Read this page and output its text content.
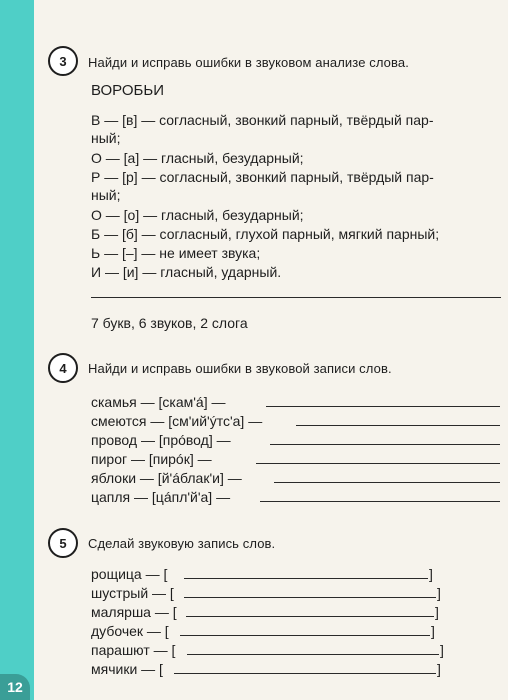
12
3	Найди и исправь ошибки в звуковом анализе слова.
ВОРОБЬИ
В — [в] — согласный, звонкий парный, твёрдый пар-
ный;
О — [а] — гласный, безударный;
Р — [р] — согласный, звонкий парный, твёрдый пар-
ный;
О — [о] — гласный, безударный;
Б — [б] — согласный, глухой парный, мягкий парный;
Ь — [–] — не имеет звука;
И — [и] — гласный, ударный.
7 букв, 6 звуков, 2 слога
4	Найди и исправь ошибки в звуковой записи слов.
скамья — [скам'á] —
смеются — [см'ий'ýтс'а] —
провод — [прóвод] —
пирог — [пирóк] —
яблоки — [й'áблак'и] —
цапля — [цáпл'й'а] —
5	Сделай звуковую запись слов.
рощица — [	]
шустрый — [	]
малярша — [	]
дубочек — [	]
парашют — [	]
мячики — [	]
